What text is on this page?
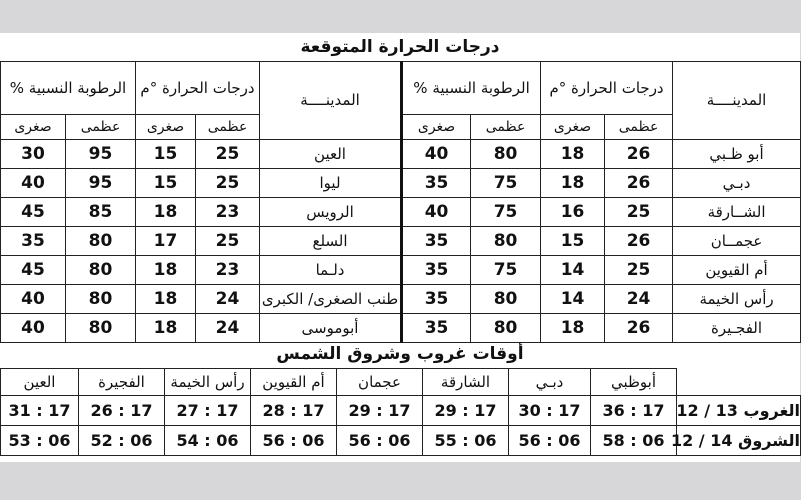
درجات الحرارة المتوقعة
المدينــــة	درجات الحرارة °م		الرطوبة النسبية %		المدينــــة	درجات الحرارة °م		الرطوبة النسبية %	
	عظمى	صغرى	عظمى	صغرى		عظمى	صغرى	عظمى	صغرى
أبو ظـبي	26	18	80	40	العين	25	15	95	30
دبـي	26	18	75	35	ليوا	25	15	95	40
الشــارقة	25	16	75	40	الرويس	23	18	85	45
عجمــان	26	15	80	35	السلع	25	17	80	35
أم القيوين	25	14	75	35	دلـما	23	18	80	45
رأس الخيمة	24	14	80	35	طنب الصغرى/ الكبرى	24	18	80	40
الفجـيرة	26	18	80	35	أبوموسى	24	18	80	40
أوقات غروب وشروق الشمس
	أبوظبي	دبـي	الشارقة	عجمان	أم القيوين	رأس الخيمة	الفجيرة	العين
الغروب 13 / 12	17 : 36	17 : 30	17 : 29	17 : 29	17 : 28	17 : 27	17 : 26	17 : 31
الشروق 14 / 12	06 : 58	06 : 56	06 : 55	06 : 56	06 : 56	06 : 54	06 : 52	06 : 53
